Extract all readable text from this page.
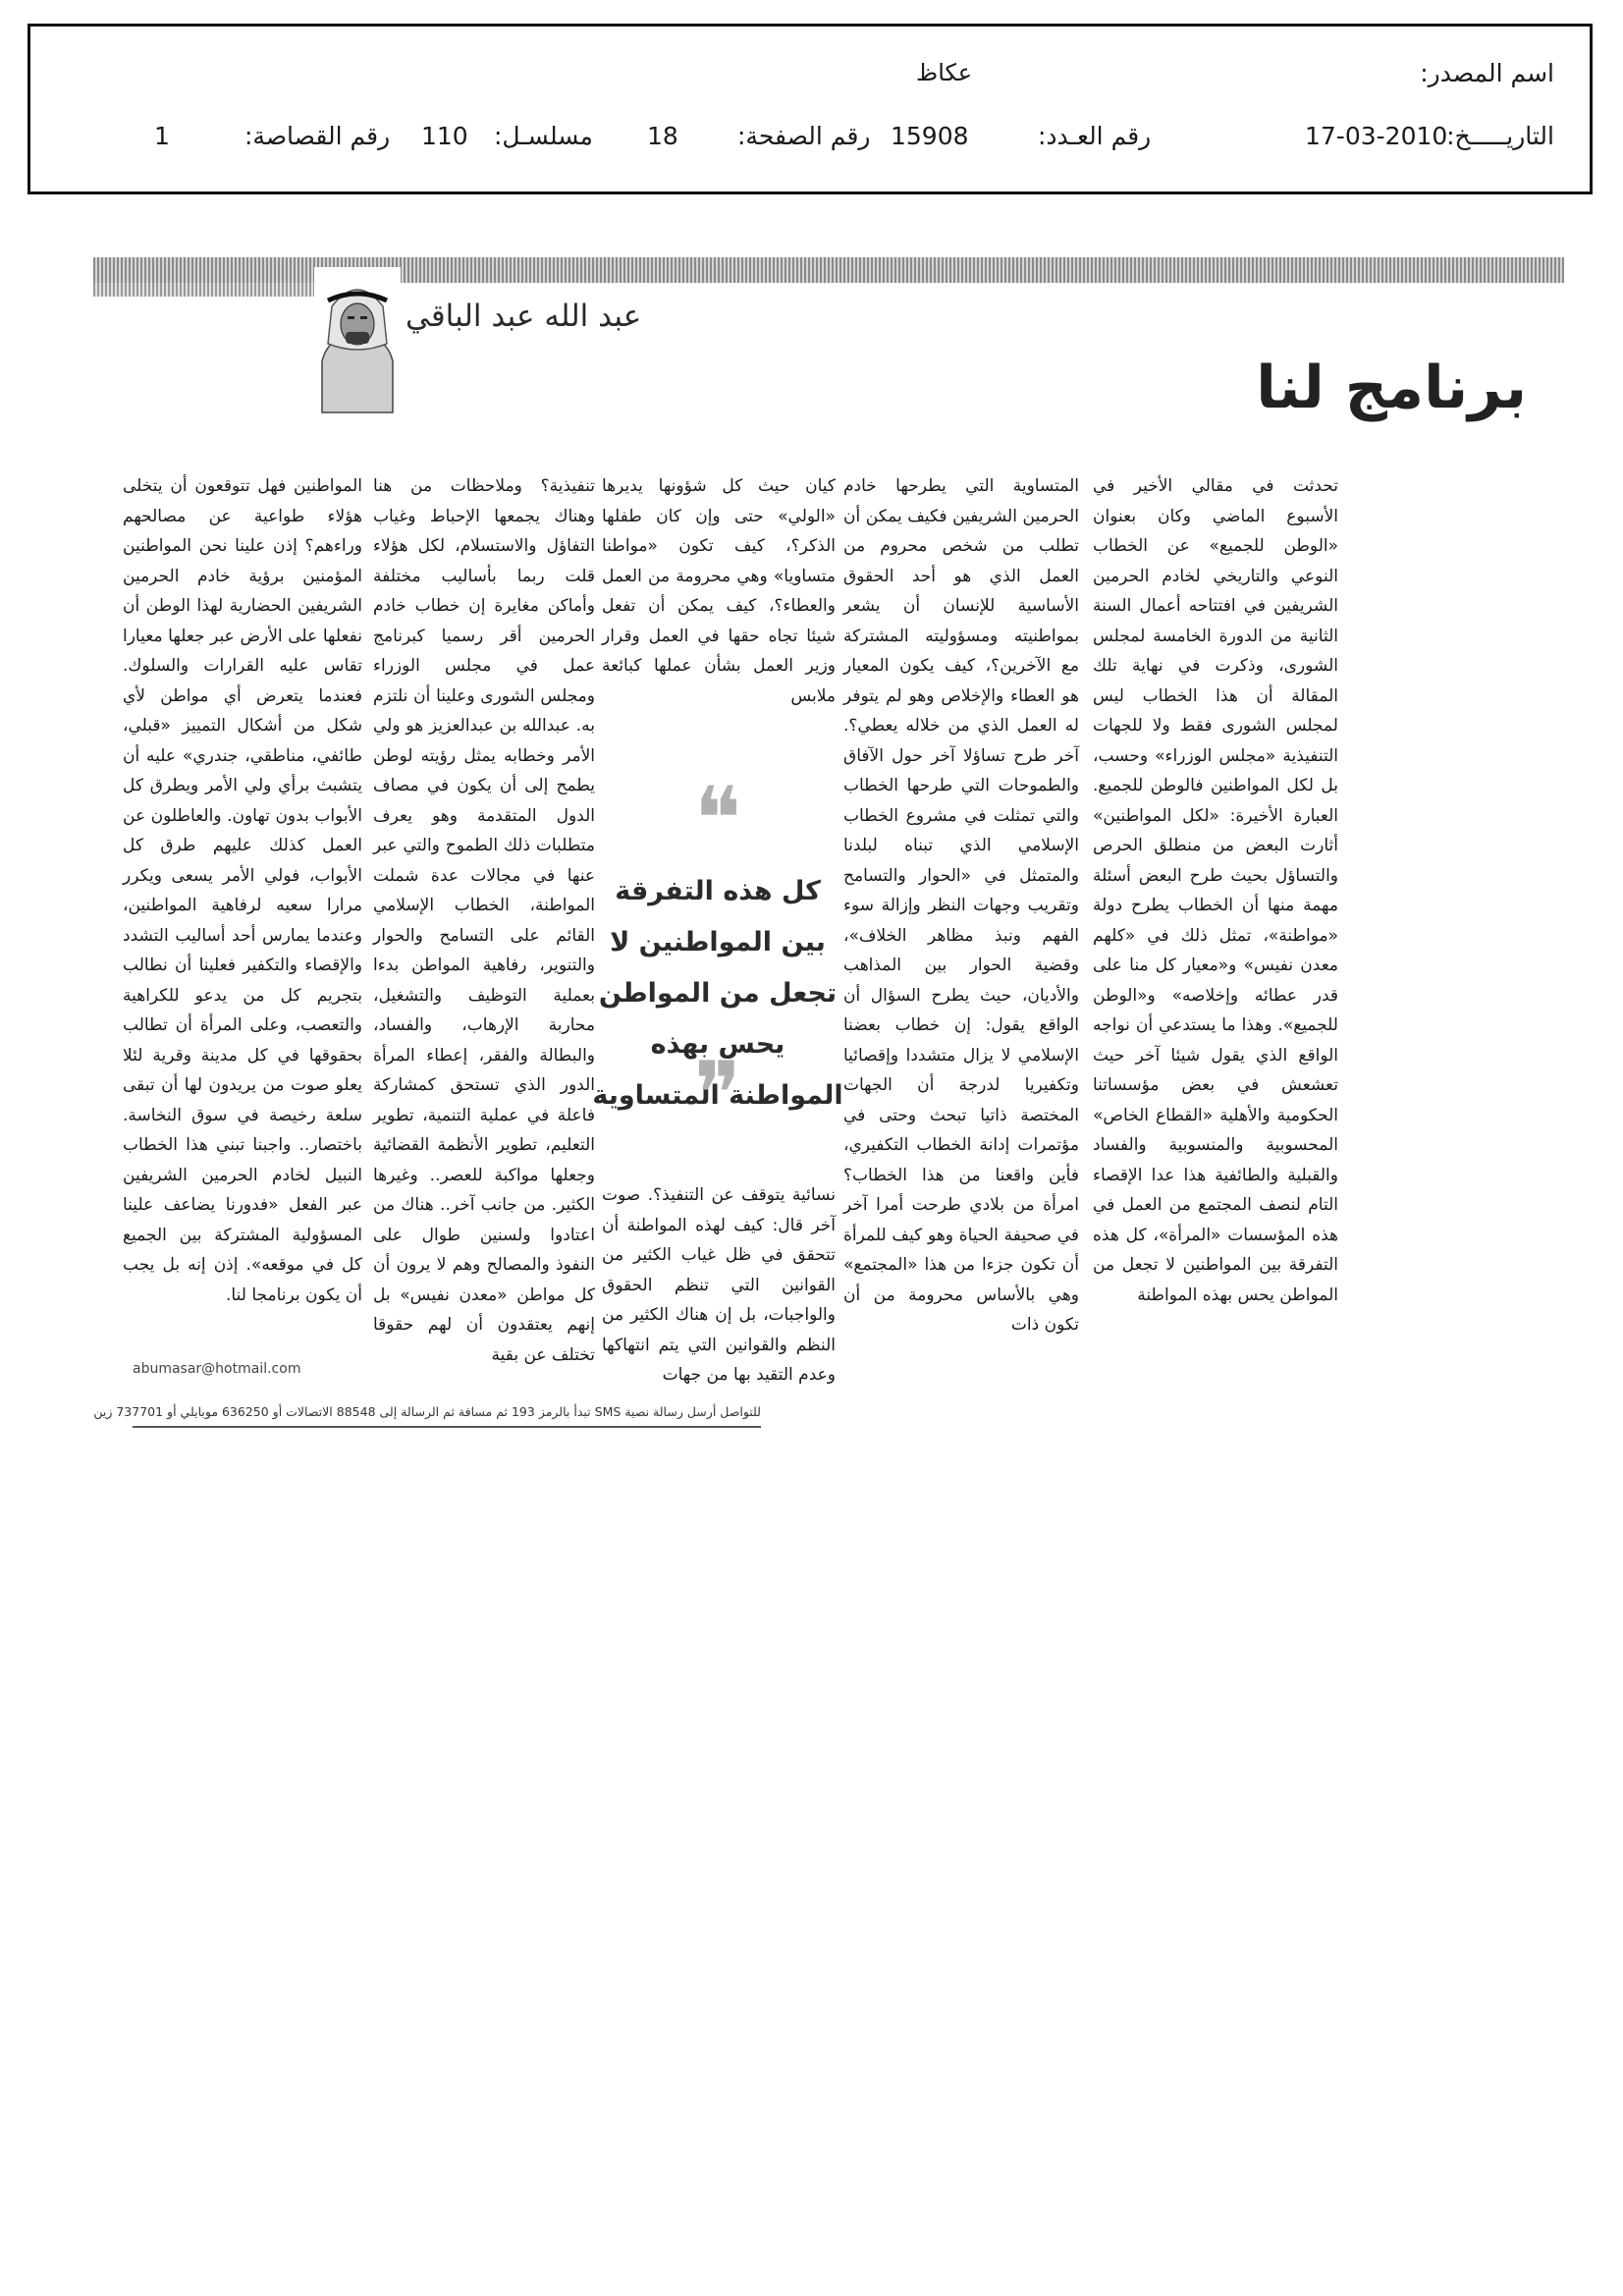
اسم المصدر:
عكاظ
التاريـــــخ:
17-03-2010
رقم العـدد:
15908
رقم الصفحة:
18
مسلسـل:
110
رقم القصاصة:
1
برنامج لنا
عبد الله عبد الباقي

تحدثت في مقالي الأخير في الأسبوع الماضي وكان بعنوان «الوطن للجميع» عن الخطاب النوعي والتاريخي لخادم الحرمين الشريفين في افتتاحه أعمال السنة الثانية من الدورة الخامسة لمجلس الشورى، وذكرت في نهاية تلك المقالة أن هذا الخطاب ليس لمجلس الشورى فقط ولا للجهات التنفيذية «مجلس الوزراء» وحسب، بل لكل المواطنين فالوطن للجميع. العبارة الأخيرة: «لكل المواطنين» أثارت البعض من منطلق الحرص والتساؤل بحيث طرح البعض أسئلة مهمة منها أن الخطاب يطرح دولة «مواطنة»، تمثل ذلك في «كلهم معدن نفيس» و«معيار كل منا على قدر عطائه وإخلاصه» و«الوطن للجميع». وهذا ما يستدعي أن نواجه الواقع الذي يقول شيئا آخر حيث تعشعش في بعض مؤسساتنا الحكومية والأهلية «القطاع الخاص» المحسوبية والمنسوبية والفساد والقبلية والطائفية هذا عدا الإقصاء التام لنصف المجتمع من العمل في هذه المؤسسات «المرأة»، كل هذه التفرقة بين المواطنين لا تجعل من المواطن يحس بهذه المواطنة

المتساوية التي يطرحها خادم الحرمين الشريفين فكيف يمكن أن تطلب من شخص محروم من العمل الذي هو أحد الحقوق الأساسية للإنسان أن يشعر بمواطنيته ومسؤوليته المشتركة مع الآخرين؟، كيف يكون المعيار هو العطاء والإخلاص وهو لم يتوفر له العمل الذي من خلاله يعطي؟. آخر طرح تساؤلا آخر حول الآفاق والطموحات التي طرحها الخطاب والتي تمثلت في مشروع الخطاب الإسلامي الذي تبناه لبلدنا والمتمثل في «الحوار والتسامح وتقريب وجهات النظر وإزالة سوء الفهم ونبذ مظاهر الخلاف»، وقضية الحوار بين المذاهب والأديان، حيث يطرح السؤال أن الواقع يقول: إن خطاب بعضنا الإسلامي لا يزال متشددا وإقصائيا وتكفيريا لدرجة أن الجهات المختصة ذاتيا تبحث وحتى في مؤتمرات إدانة الخطاب التكفيري، فأين واقعنا من هذا الخطاب؟ امرأة من بلادي طرحت أمرا آخر في صحيفة الحياة وهو كيف للمرأة أن تكون جزءا من هذا «المجتمع» وهي بالأساس محرومة من أن تكون ذات

كيان حيث كل شؤونها يديرها «الولي» حتى وإن كان طفلها الذكر؟، كيف تكون «مواطنا متساويا» وهي محرومة من العمل والعطاء؟، كيف يمكن أن تفعل شيئا تجاه حقها في العمل وقرار وزير العمل بشأن عملها كبائعة ملابس

❝
كل هذه التفرقة بين المواطنين لا تجعل من المواطن يحس بهذه المواطنة المتساوية
❞

نسائية يتوقف عن التنفيذ؟. صوت آخر قال: كيف لهذه المواطنة أن تتحقق في ظل غياب الكثير من القوانين التي تنظم الحقوق والواجبات، بل إن هناك الكثير من النظم والقوانين التي يتم انتهاكها وعدم التقيد بها من جهات

تنفيذية؟ وملاحظات من هنا وهناك يجمعها الإحباط وغياب التفاؤل والاستسلام، لكل هؤلاء قلت ربما بأساليب مختلفة وأماكن مغايرة إن خطاب خادم الحرمين أقر رسميا كبرنامج عمل في مجلس الوزراء ومجلس الشورى وعلينا أن نلتزم به. عبدالله بن عبدالعزيز هو ولي الأمر وخطابه يمثل رؤيته لوطن يطمح إلى أن يكون في مصاف الدول المتقدمة وهو يعرف متطلبات ذلك الطموح والتي عبر عنها في مجالات عدة شملت المواطنة، الخطاب الإسلامي القائم على التسامح والحوار والتنوير، رفاهية المواطن بدءا بعملية التوظيف والتشغيل، محاربة الإرهاب، والفساد، والبطالة والفقر، إعطاء المرأة الدور الذي تستحق كمشاركة فاعلة في عملية التنمية، تطوير التعليم، تطوير الأنظمة القضائية وجعلها مواكبة للعصر.. وغيرها الكثير. من جانب آخر.. هناك من اعتادوا ولسنين طوال على النفوذ والمصالح وهم لا يرون أن كل مواطن «معدن نفيس» بل إنهم يعتقدون أن لهم حقوقا تختلف عن بقية

المواطنين فهل تتوقعون أن يتخلى هؤلاء طواعية عن مصالحهم وراءهم؟ إذن علينا نحن المواطنين المؤمنين برؤية خادم الحرمين الشريفين الحضارية لهذا الوطن أن نفعلها على الأرض عبر جعلها معيارا تقاس عليه القرارات والسلوك. فعندما يتعرض أي مواطن لأي شكل من أشكال التمييز «قبلي، طائفي، مناطقي، جندري» عليه أن يتشبث برأي ولي الأمر ويطرق كل الأبواب بدون تهاون. والعاطلون عن العمل كذلك عليهم طرق كل الأبواب، فولي الأمر يسعى ويكرر مرارا سعيه لرفاهية المواطنين، وعندما يمارس أحد أساليب التشدد والإقصاء والتكفير فعلينا أن نطالب بتجريم كل من يدعو للكراهية والتعصب، وعلى المرأة أن تطالب بحقوقها في كل مدينة وقرية لئلا يعلو صوت من يريدون لها أن تبقى سلعة رخيصة في سوق النخاسة. باختصار.. واجبنا تبني هذا الخطاب النبيل لخادم الحرمين الشريفين عبر الفعل «فدورنا يضاعف علينا المسؤولية المشتركة بين الجميع كل في موقعه». إذن إنه بل يجب أن يكون برنامجا لنا.

abumasar@hotmail.com
للتواصل أرسل رسالة نصية SMS تبدأ بالرمز 193 ثم مسافة ثم الرسالة إلى 88548 الاتصالات أو 636250 موبايلي أو 737701 زين
